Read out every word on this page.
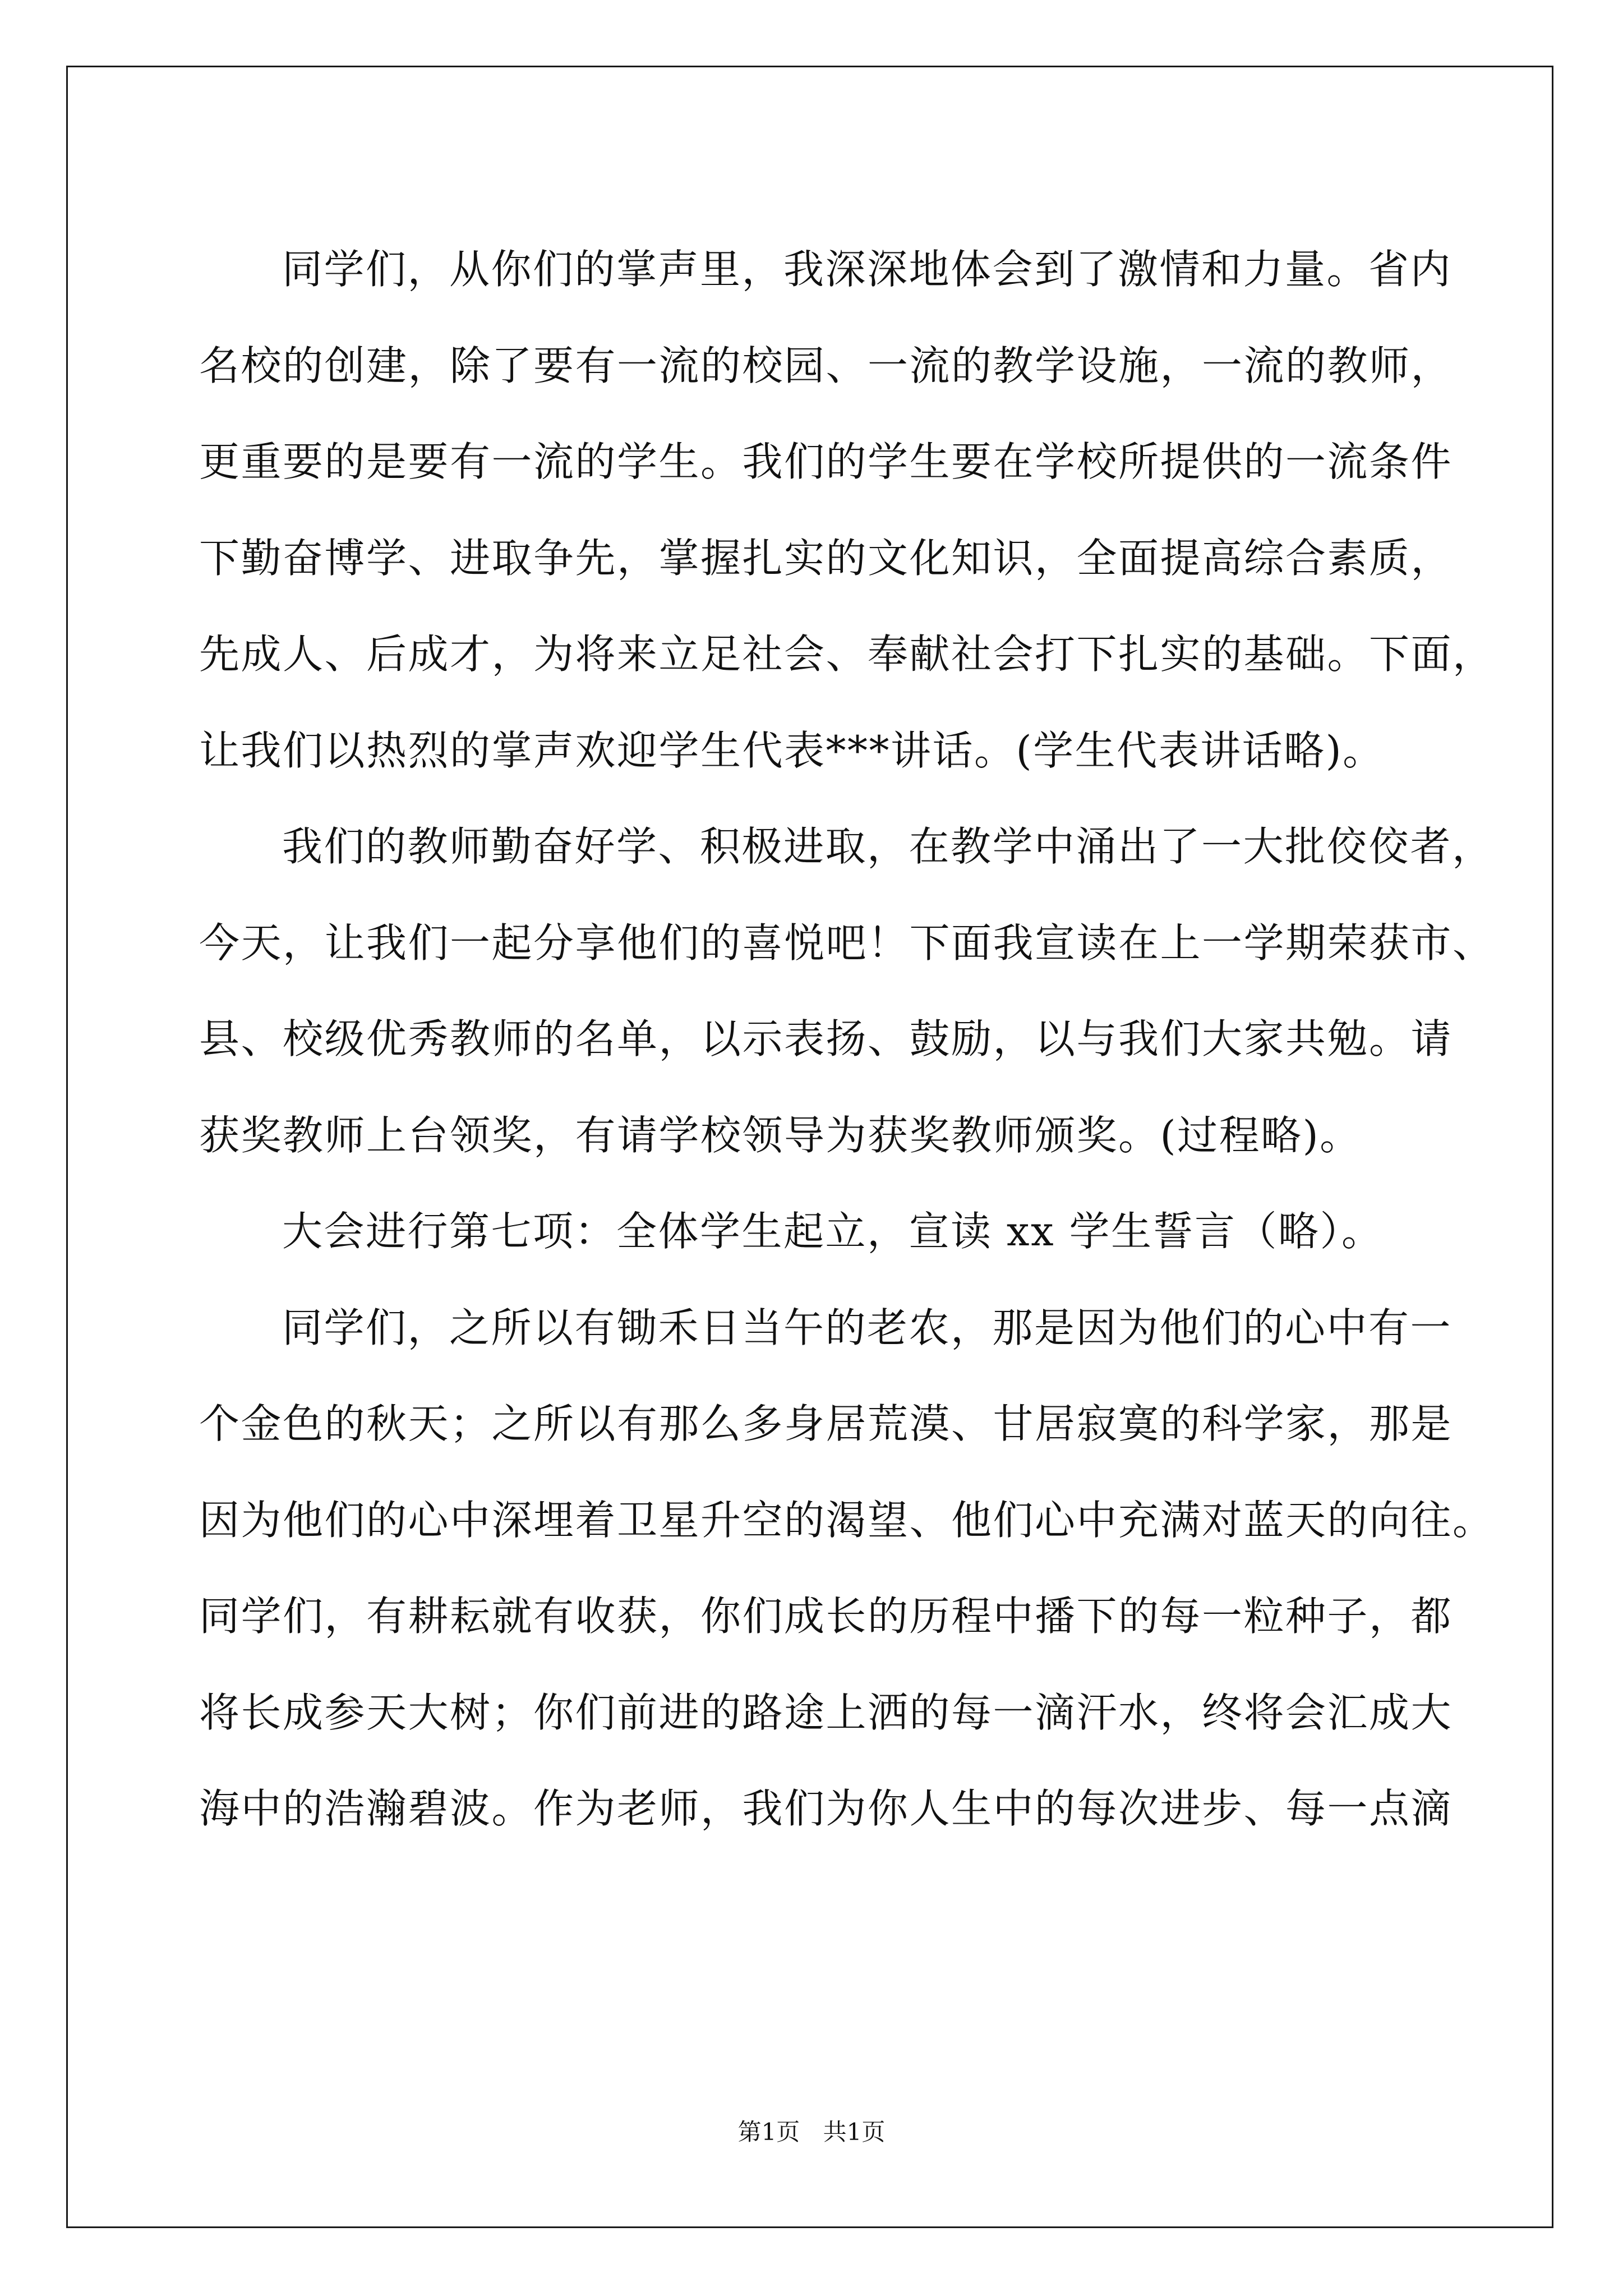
同学们，从你们的掌声里，我深深地体会到了激情和力量。省内
名校的创建，除了要有一流的校园、一流的教学设施，一流的教师，
更重要的是要有一流的学生。我们的学生要在学校所提供的一流条件
下勤奋博学、进取争先，掌握扎实的文化知识，全面提高综合素质，
先成人、后成才，为将来立足社会、奉献社会打下扎实的基础。下面，
让我们以热烈的掌声欢迎学生代表***讲话。(学生代表讲话略)。
我们的教师勤奋好学、积极进取，在教学中涌出了一大批佼佼者，
今天，让我们一起分享他们的喜悦吧！下面我宣读在上一学期荣获市、
县、校级优秀教师的名单，以示表扬、鼓励，以与我们大家共勉。请
获奖教师上台领奖，有请学校领导为获奖教师颁奖。(过程略)。
大会进行第七项：全体学生起立，宣读 xx 学生誓言（略）。
同学们，之所以有锄禾日当午的老农，那是因为他们的心中有一
个金色的秋天；之所以有那么多身居荒漠、甘居寂寞的科学家，那是
因为他们的心中深埋着卫星升空的渴望、他们心中充满对蓝天的向往。
同学们，有耕耘就有收获，你们成长的历程中播下的每一粒种子，都
将长成参天大树；你们前进的路途上洒的每一滴汗水，终将会汇成大
海中的浩瀚碧波。作为老师，我们为你人生中的每次进步、每一点滴
第1页 共1页
